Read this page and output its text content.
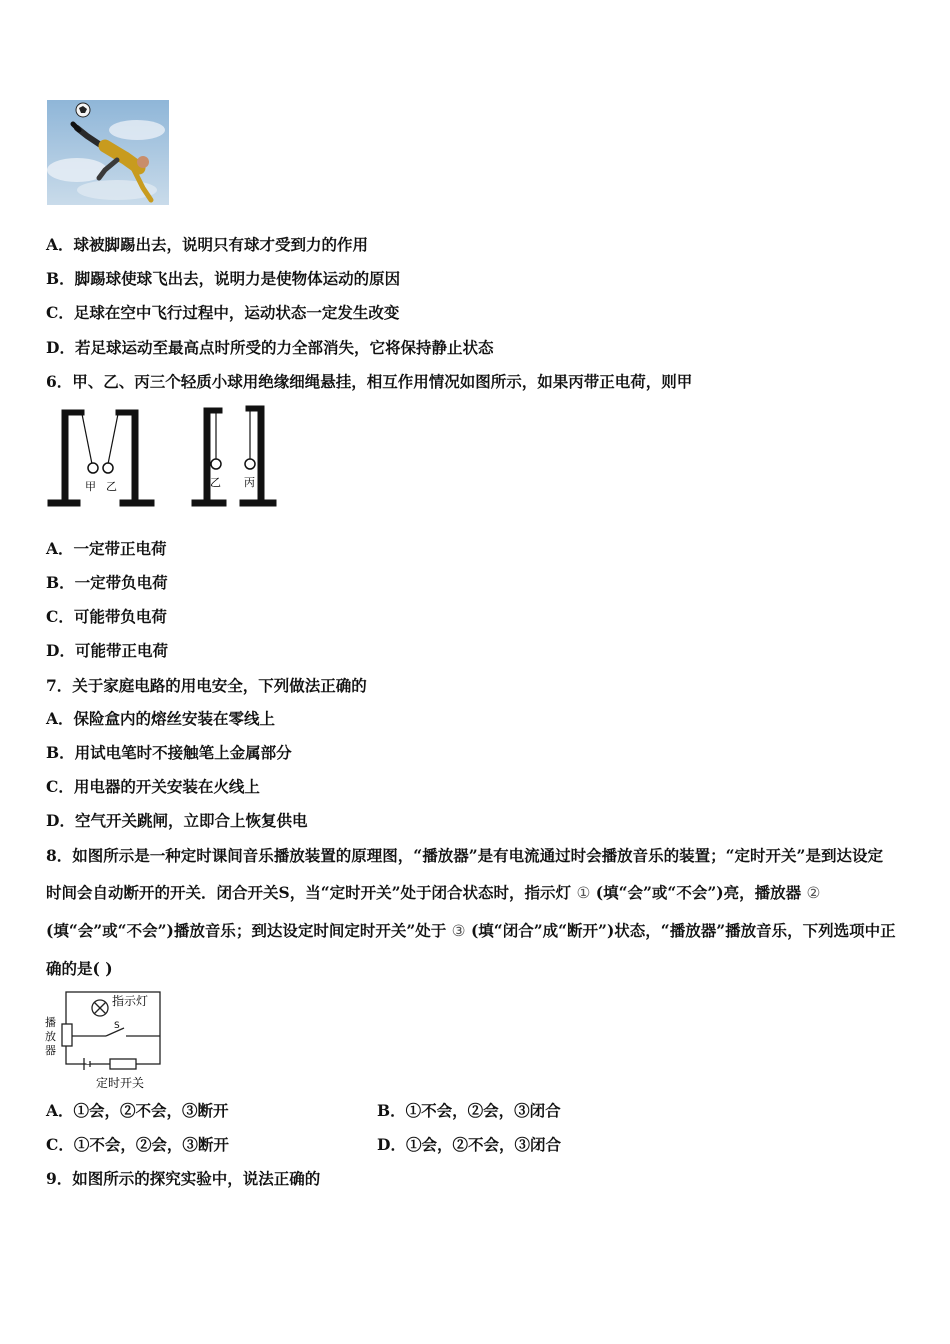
A．球被脚踢出去，说明只有球才受到力的作用
B．脚踢球使球飞出去，说明力是使物体运动的原因
C．足球在空中飞行过程中，运动状态一定发生改变
D．若足球运动至最高点时所受的力全部消失，它将保持静止状态
6．甲、乙、丙三个轻质小球用绝缘细绳悬挂，相互作用情况如图所示，如果丙带正电荷，则甲
甲 乙	乙 丙
A．一定带正电荷
B．一定带负电荷
C．可能带负电荷
D．可能带正电荷
7．关于家庭电路的用电安全，下列做法正确的
A．保险盒内的熔丝安装在零线上
B．用试电笔时不接触笔上金属部分
C．用电器的开关安装在火线上
D．空气开关跳闸，立即合上恢复供电
8．如图所示是一种定时课间音乐播放装置的原理图，“播放器”是有电流通过时会播放音乐的装置；“定时开关”是到达设定时间会自动断开的开关．闭合开关S，当“定时开关”处于闭合状态时，指示灯 ① (填“会”或“不会”)亮，播放器 ② (填“会”或“不会”)播放音乐；到达设定时间定时开关”处于 ③ (填“闭合”成“断开”)状态，“播放器”播放音乐，下列选项中正确的是( )
指示灯
播
放
器
S
定时开关
A．①会，②不会，③断开	B．①不会，②会，③闭合
C．①不会，②会，③断开	D．①会，②不会，③闭合
9．如图所示的探究实验中，说法正确的
